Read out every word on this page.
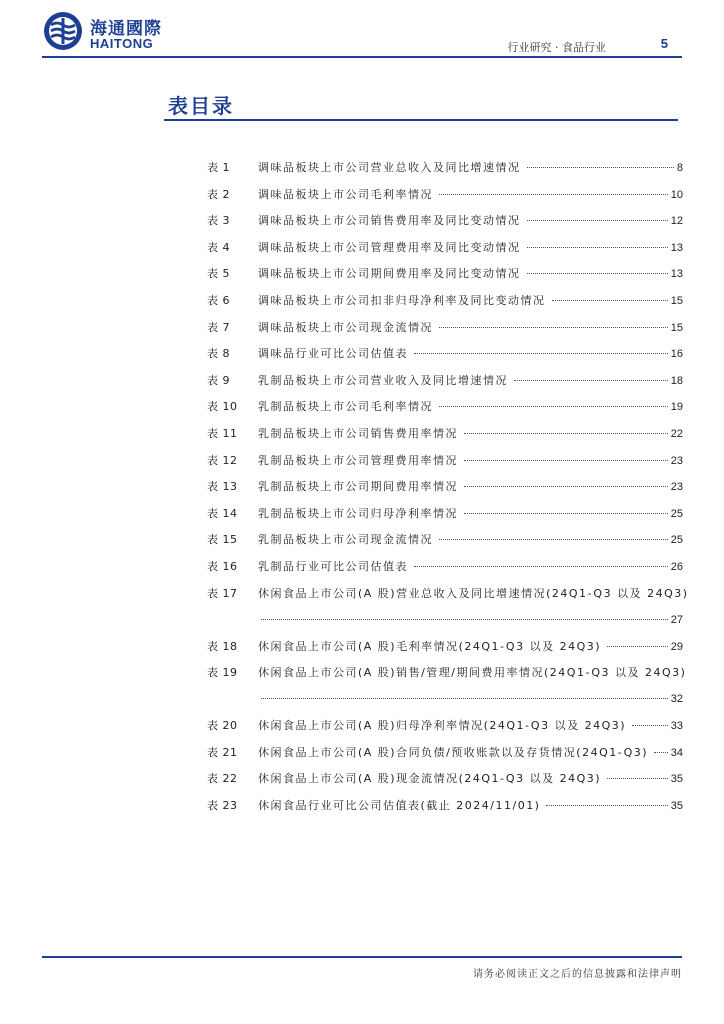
海通國際
HAITONG	行业研究 · 食品行业	5
表目录
表 1	调味品板块上市公司营业总收入及同比增速情况	8
表 2	调味品板块上市公司毛利率情况	10
表 3	调味品板块上市公司销售费用率及同比变动情况	12
表 4	调味品板块上市公司管理费用率及同比变动情况	13
表 5	调味品板块上市公司期间费用率及同比变动情况	13
表 6	调味品板块上市公司扣非归母净利率及同比变动情况	15
表 7	调味品板块上市公司现金流情况	15
表 8	调味品行业可比公司估值表	16
表 9	乳制品板块上市公司营业收入及同比增速情况	18
表 10 乳制品板块上市公司毛利率情况	19
表 11 乳制品板块上市公司销售费用率情况	22
表 12 乳制品板块上市公司管理费用率情况	23
表 13 乳制品板块上市公司期间费用率情况	23
表 14 乳制品板块上市公司归母净利率情况	25
表 15 乳制品板块上市公司现金流情况	25
表 16 乳制品行业可比公司估值表	26
表 17 休闲食品上市公司(A 股)营业总收入及同比增速情况(24Q1-Q3 以及 24Q3)
27
表 18 休闲食品上市公司(A 股)毛利率情况(24Q1-Q3 以及 24Q3)	29
表 19 休闲食品上市公司(A 股)销售/管理/期间费用率情况(24Q1-Q3 以及 24Q3)
32
表 20 休闲食品上市公司(A 股)归母净利率情况(24Q1-Q3 以及 24Q3)	33
表 21 休闲食品上市公司(A 股)合同负债/预收账款以及存货情况(24Q1-Q3) 34
表 22 休闲食品上市公司(A 股)现金流情况(24Q1-Q3 以及 24Q3)	35
表 23 休闲食品行业可比公司估值表(截止 2024/11/01)	35
请务必阅读正文之后的信息披露和法律声明
